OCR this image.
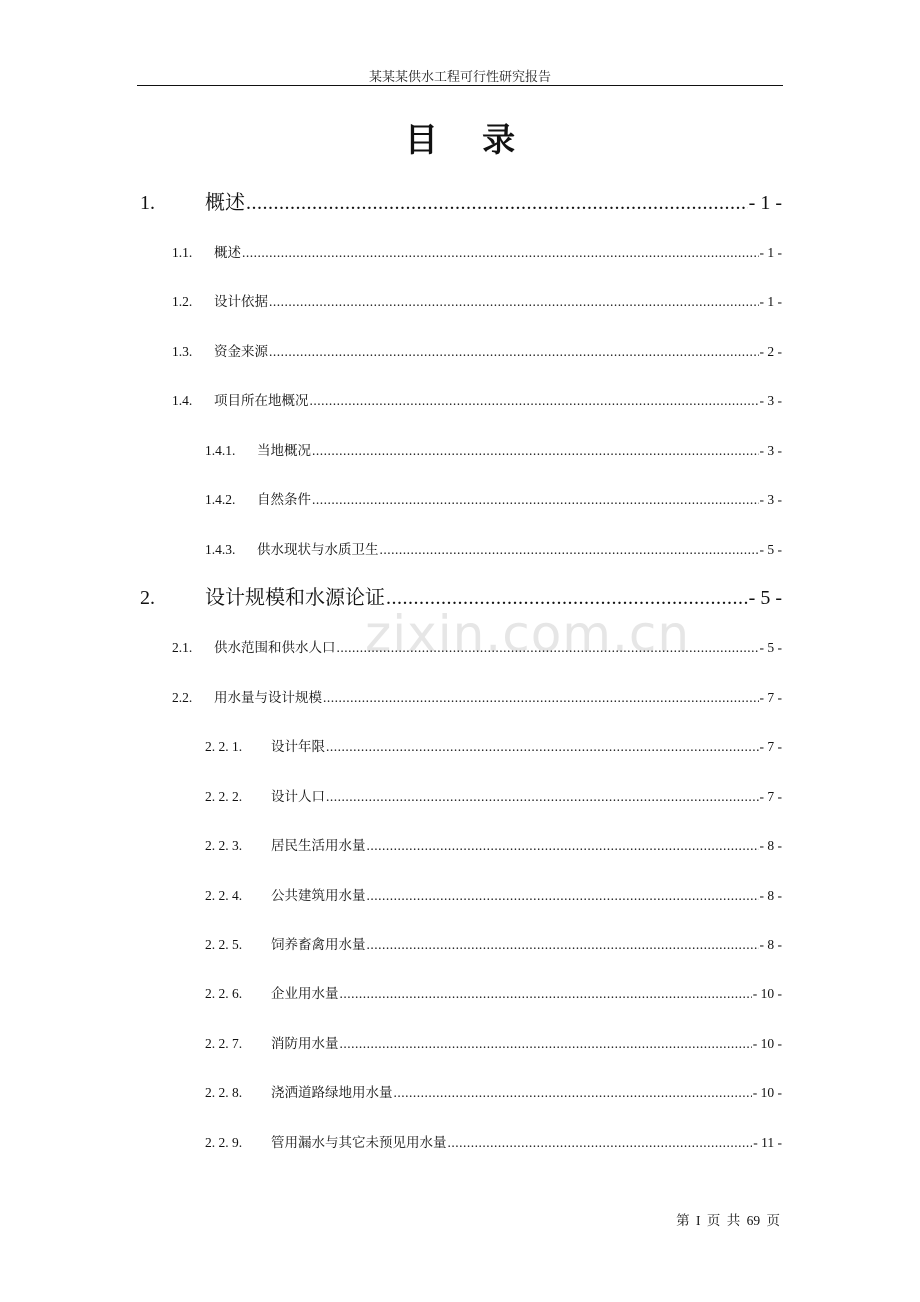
某某某供水工程可行性研究报告
目 录
zixin.com.cn
1.	概述 .....	- 1 -
1.1.	概述 .....	- 1 -
1.2.	设计依据 .....	- 1 -
1.3.	资金来源 .....	- 2 -
1.4.	项目所在地概况 .....	- 3 -
1.4.1.	当地概况 .....	- 3 -
1.4.2.	自然条件 .....	- 3 -
1.4.3.	供水现状与水质卫生 .....	- 5 -
2.	设计规模和水源论证 .....	- 5 -
2.1.	供水范围和供水人口 .....	- 5 -
2.2.	用水量与设计规模 .....	- 7 -
2. 2. 1.	设计年限 .....	- 7 -
2. 2. 2.	设计人口 .....	- 7 -
2. 2. 3.	居民生活用水量 .....	- 8 -
2. 2. 4.	公共建筑用水量 .....	- 8 -
2. 2. 5.	饲养畜禽用水量 .....	- 8 -
2. 2. 6.	企业用水量 .....	- 10 -
2. 2. 7.	消防用水量 .....	- 10 -
2. 2. 8.	浇洒道路绿地用水量 .....	- 10 -
2. 2. 9.	管用漏水与其它未预见用水量 .....	- 11 -
第 I 页 共 69 页
